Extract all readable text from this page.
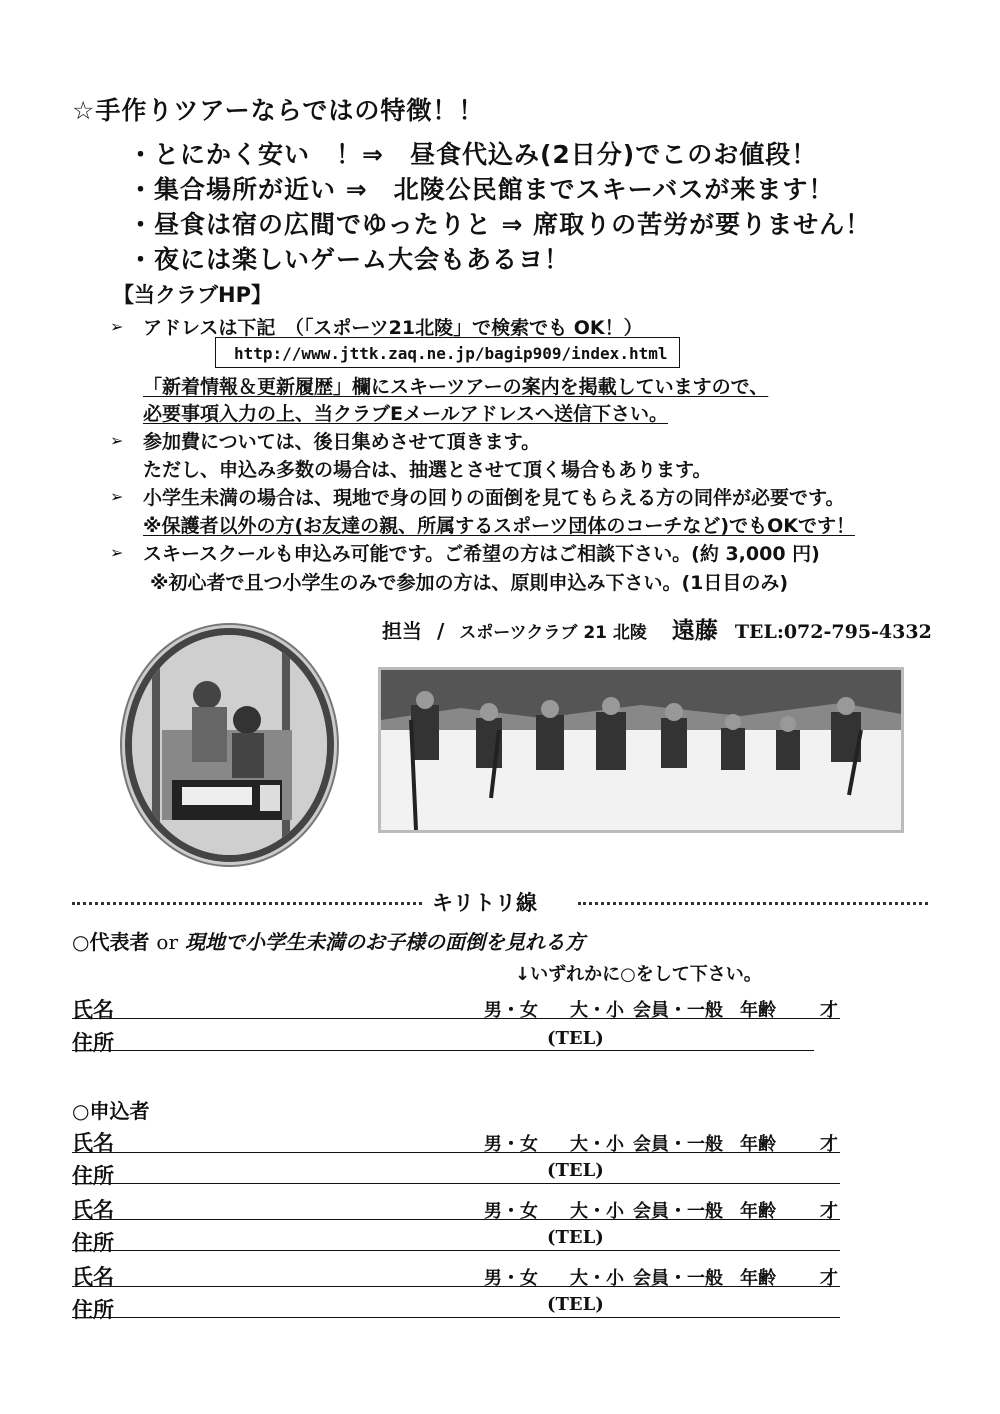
☆手作りツアーならではの特徴！！
・とにかく安い　！⇒　昼食代込み(2日分)でこのお値段！
・集合場所が近い ⇒　北陵公民館までスキーバスが来ます！
・昼食は宿の広間でゆったりと ⇒ 席取りの苦労が要りません！
・夜には楽しいゲーム大会もあるヨ！
【当クラブHP】
➢ アドレスは下記　（「スポーツ21北陵」で検索でも OK！）
http://www.jttk.zaq.ne.jp/bagip909/index.html
「新着情報＆更新履歴」欄にスキーツアーの案内を掲載していますので、
必要事項入力の上、当クラブEメールアドレスへ送信下さい。
➢ 参加費については、後日集めさせて頂きます。
ただし、申込み多数の場合は、抽選とさせて頂く場合もあります。
➢ 小学生未満の場合は、現地で身の回りの面倒を見てもらえる方の同伴が必要です。
※保護者以外の方(お友達の親、所属するスポーツ団体のコーチなど)でもOKです！
➢ スキースクールも申込み可能です。ご希望の方はご相談下さい。(約 3,000 円)
※初心者で且つ小学生のみで参加の方は、原則申込み下さい。(1日目のみ)
担当 / スポーツクラブ 21 北陵 遠藤 TEL:072-795-4332
キリトリ線
○代表者 or 現地で小学生未満のお子様の面倒を見れる方
↓いずれかに○をして下さい。
氏名	男・女 大・小 会員・一般 年齢 才
住所	(TEL)
○申込者
氏名	男・女 大・小 会員・一般 年齢 才
住所	(TEL)
氏名	男・女 大・小 会員・一般 年齢 才
住所	(TEL)
氏名	男・女 大・小 会員・一般 年齢 才
住所	(TEL)
